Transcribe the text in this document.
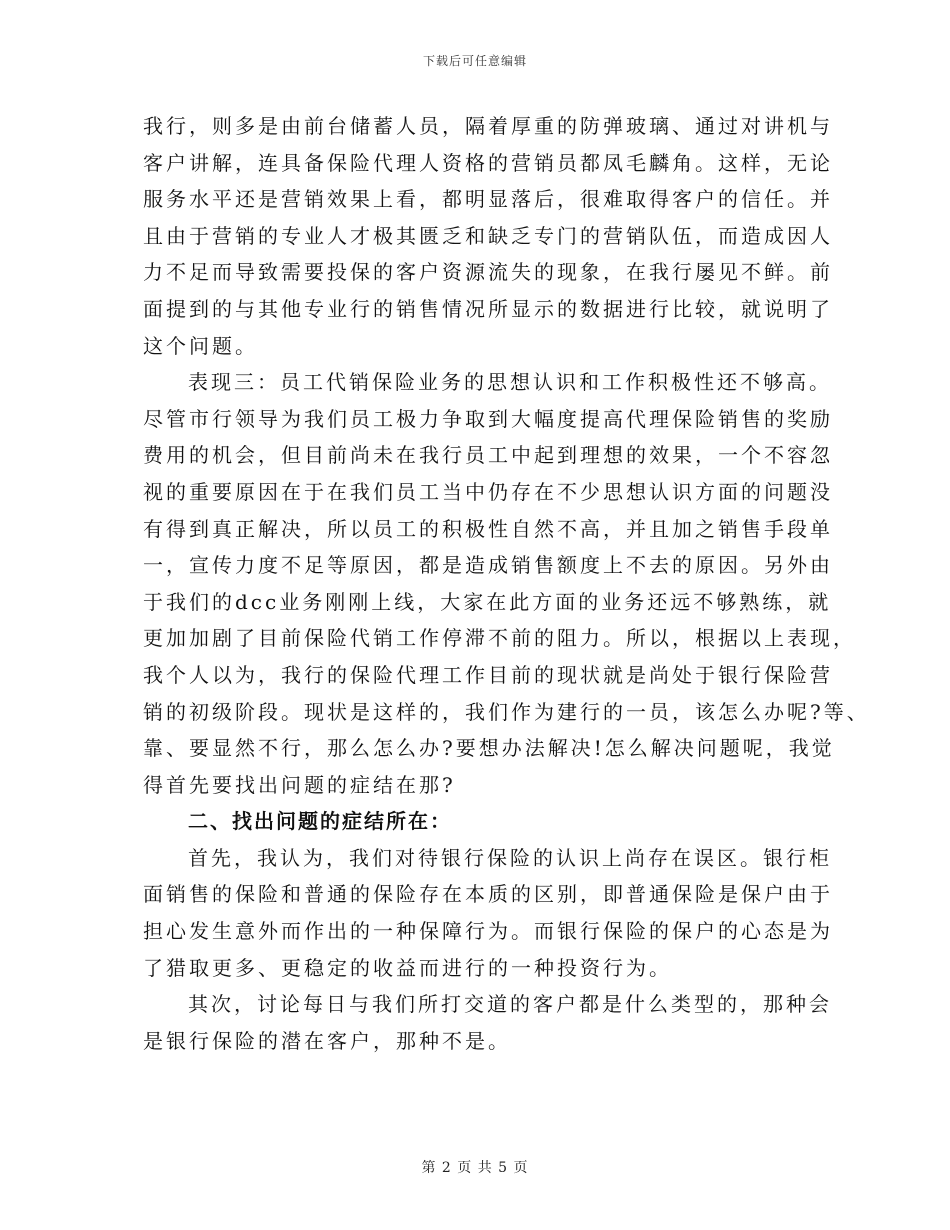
下载后可任意编辑
我行，则多是由前台储蓄人员，隔着厚重的防弹玻璃、通过对讲机与
客户讲解，连具备保险代理人资格的营销员都凤毛麟角。这样，无论
服务水平还是营销效果上看，都明显落后，很难取得客户的信任。并
且由于营销的专业人才极其匮乏和缺乏专门的营销队伍，而造成因人
力不足而导致需要投保的客户资源流失的现象，在我行屡见不鲜。前
面提到的与其他专业行的销售情况所显示的数据进行比较，就说明了
这个问题。
表现三：员工代销保险业务的思想认识和工作积极性还不够高。
尽管市行领导为我们员工极力争取到大幅度提高代理保险销售的奖励
费用的机会，但目前尚未在我行员工中起到理想的效果，一个不容忽
视的重要原因在于在我们员工当中仍存在不少思想认识方面的问题没
有得到真正解决，所以员工的积极性自然不高，并且加之销售手段单
一，宣传力度不足等原因，都是造成销售额度上不去的原因。另外由
于我们的dcc业务刚刚上线，大家在此方面的业务还远不够熟练，就
更加加剧了目前保险代销工作停滞不前的阻力。所以，根据以上表现，
我个人以为，我行的保险代理工作目前的现状就是尚处于银行保险营
销的初级阶段。现状是这样的，我们作为建行的一员，该怎么办呢?等、
靠、要显然不行，那么怎么办?要想办法解决!怎么解决问题呢，我觉
得首先要找出问题的症结在那?
二、找出问题的症结所在：
首先，我认为，我们对待银行保险的认识上尚存在误区。银行柜
面销售的保险和普通的保险存在本质的区别，即普通保险是保户由于
担心发生意外而作出的一种保障行为。而银行保险的保户的心态是为
了猎取更多、更稳定的收益而进行的一种投资行为。
其次，讨论每日与我们所打交道的客户都是什么类型的，那种会
是银行保险的潜在客户，那种不是。
第 2 页 共 5 页
